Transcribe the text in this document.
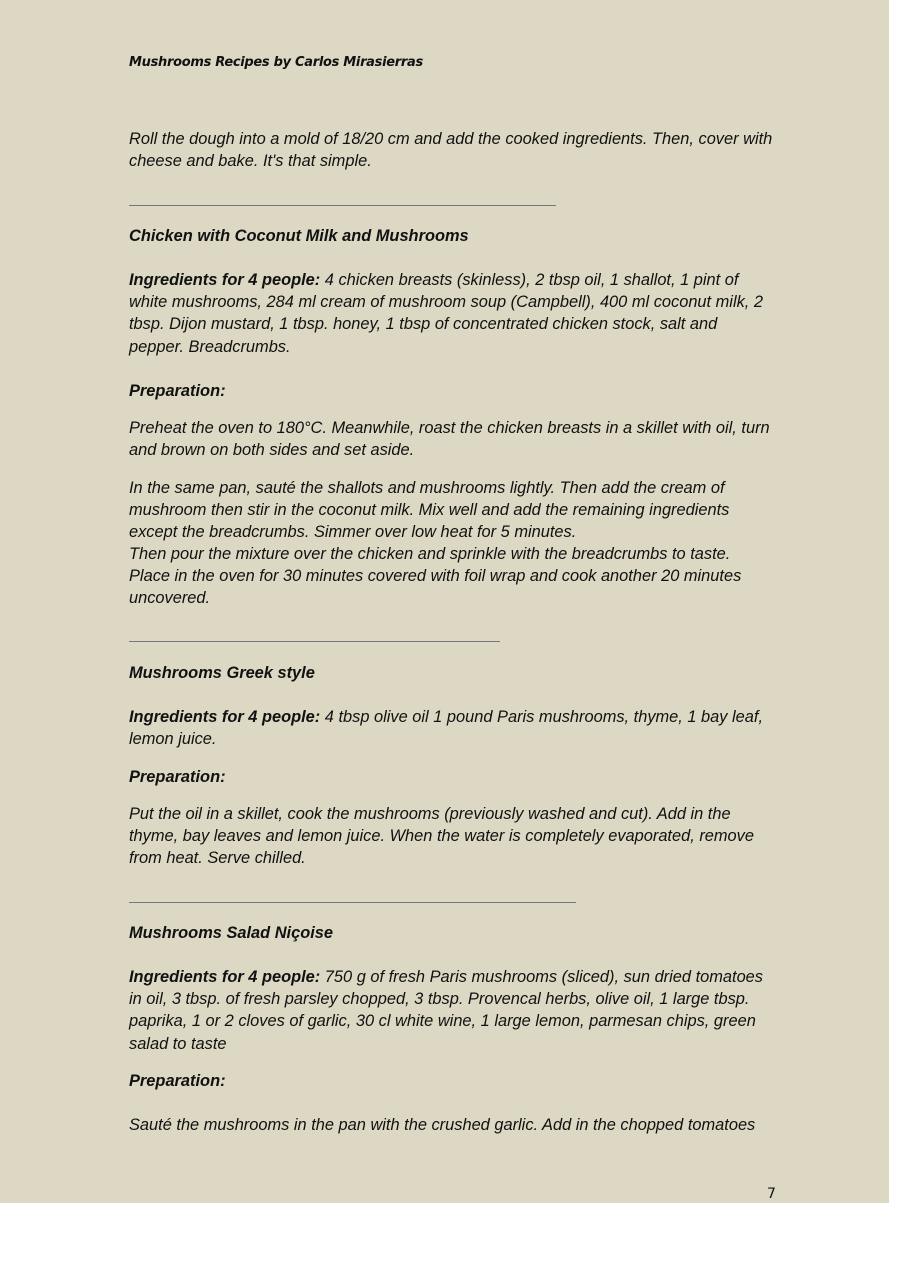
Mushrooms Recipes by Carlos Mirasierras
Roll the dough into a mold of 18/20 cm and add the cooked ingredients. Then, cover with cheese and bake. It's that simple.
Chicken with Coconut Milk and Mushrooms
Ingredients for 4 people: 4 chicken breasts (skinless), 2 tbsp oil, 1 shallot, 1 pint of white mushrooms, 284 ml cream of mushroom soup (Campbell), 400 ml coconut milk, 2 tbsp. Dijon mustard, 1 tbsp. honey, 1 tbsp of concentrated chicken stock, salt and pepper. Breadcrumbs.
Preparation:
Preheat the oven to 180°C. Meanwhile, roast the chicken breasts in a skillet with oil, turn and brown on both sides and set aside.
In the same pan, sauté the shallots and mushrooms lightly. Then add the cream of mushroom then stir in the coconut milk. Mix well and add the remaining ingredients except the breadcrumbs. Simmer over low heat for 5 minutes.
Then pour the mixture over the chicken and sprinkle with the breadcrumbs to taste. Place in the oven for 30 minutes covered with foil wrap and cook another 20 minutes uncovered.
Mushrooms Greek style
Ingredients for 4 people: 4 tbsp olive oil 1 pound Paris mushrooms, thyme, 1 bay leaf, lemon juice.
Preparation:
Put the oil in a skillet, cook the mushrooms (previously washed and cut). Add in the thyme, bay leaves and lemon juice. When the water is completely evaporated, remove from heat. Serve chilled.
Mushrooms Salad Niçoise
Ingredients for 4 people: 750 g of fresh Paris mushrooms (sliced), sun dried tomatoes in oil, 3 tbsp. of fresh parsley chopped, 3 tbsp. Provencal herbs, olive oil, 1 large tbsp. paprika, 1 or 2 cloves of garlic, 30 cl white wine, 1 large lemon, parmesan chips, green salad to taste
Preparation:
Sauté the mushrooms in the pan with the crushed garlic. Add in the chopped tomatoes
7
